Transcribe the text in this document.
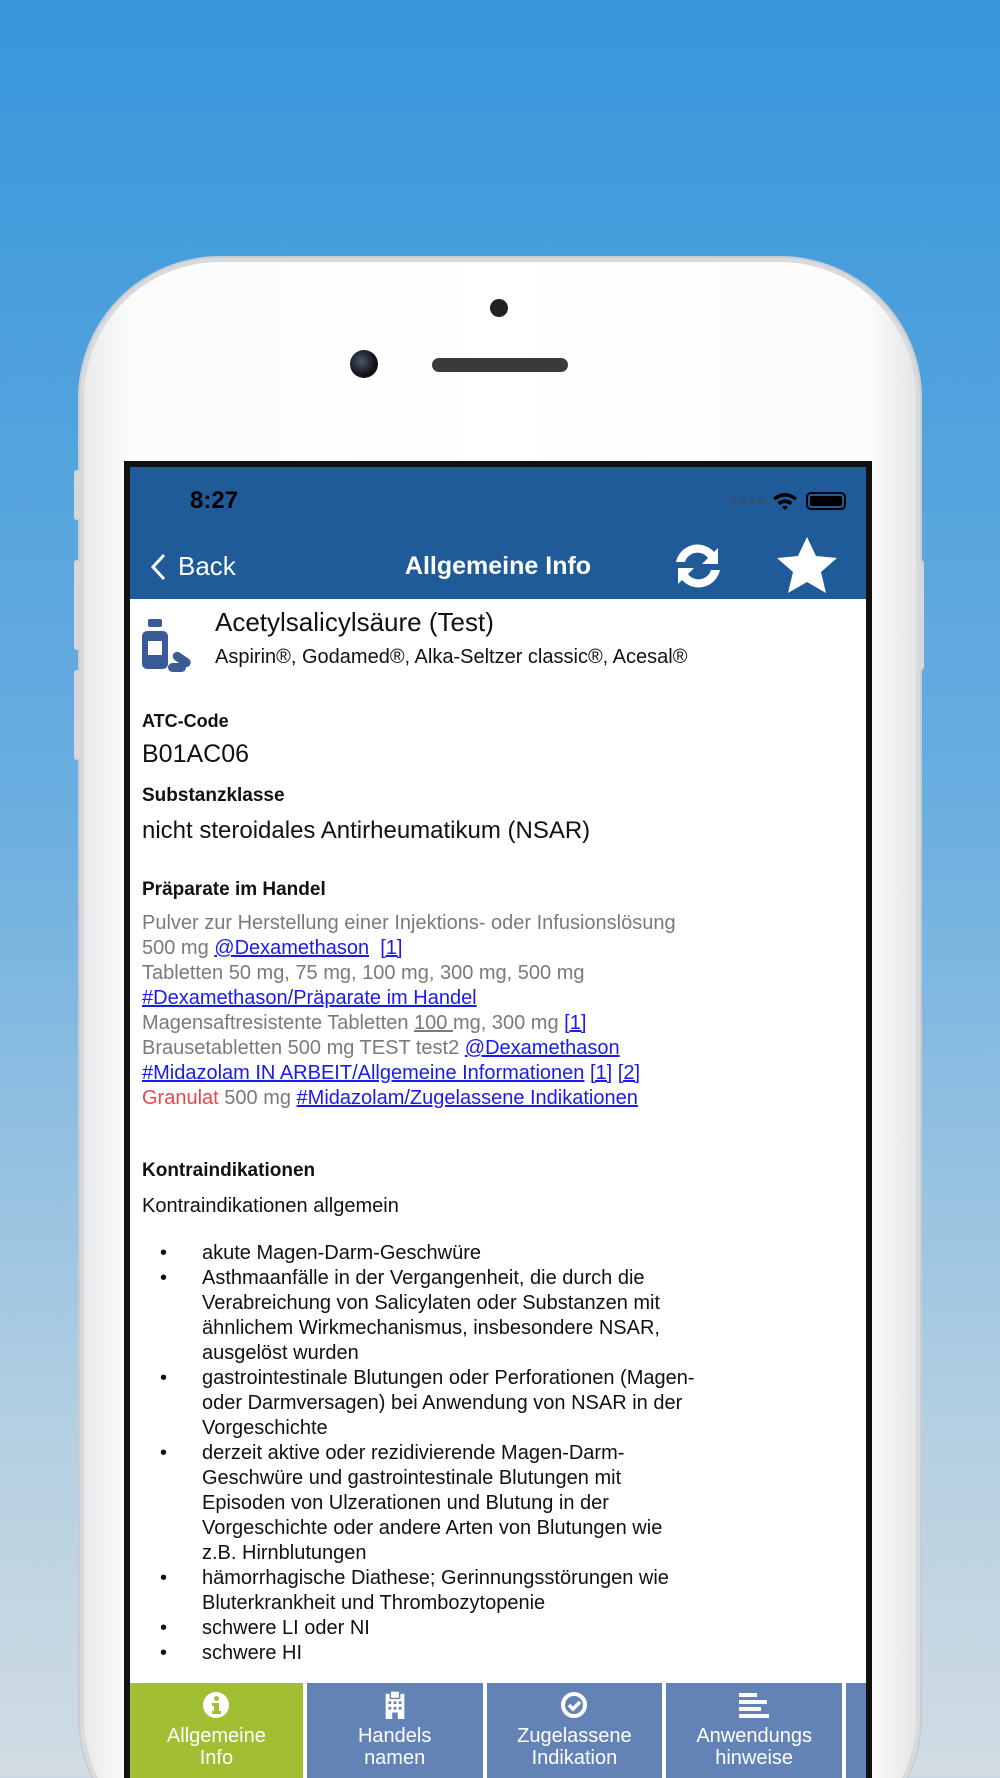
8:27
Back	Allgemeine Info
Acetylsalicylsäure (Test)
Aspirin®, Godamed®, Alka-Seltzer classic®, Acesal®
ATC-Code
B01AC06
Substanzklasse
nicht steroidales Antirheumatikum (NSAR)
Präparate im Handel
Pulver zur Herstellung einer Injektions- oder Infusionslösung
500 mg @Dexamethason [1]
Tabletten 50 mg, 75 mg, 100 mg, 300 mg, 500 mg
#Dexamethason/Präparate im Handel
Magensaftresistente Tabletten 100 mg, 300 mg [1]
Brausetabletten 500 mg TEST test2 @Dexamethason
#Midazolam IN ARBEIT/Allgemeine Informationen [1] [2]
Granulat 500 mg #Midazolam/Zugelassene Indikationen
Kontraindikationen
Kontraindikationen allgemein
•	akute Magen-Darm-Geschwüre
•	Asthmaanfälle in der Vergangenheit, die durch die
Verabreichung von Salicylaten oder Substanzen mit
ähnlichem Wirkmechanismus, insbesondere NSAR,
ausgelöst wurden
•	gastrointestinale Blutungen oder Perforationen (Magen-
oder Darmversagen) bei Anwendung von NSAR in der
Vorgeschichte
•	derzeit aktive oder rezidivierende Magen-Darm-
Geschwüre und gastrointestinale Blutungen mit
Episoden von Ulzerationen und Blutung in der
Vorgeschichte oder andere Arten von Blutungen wie
z.B. Hirnblutungen
•	hämorrhagische Diathese; Gerinnungsstörungen wie
Bluterkrankheit und Thrombozytopenie
•	schwere LI oder NI
•	schwere HI
Allgemeine
Info
Handels
namen
Zugelassene
Indikation
Anwendungs
hinweise
